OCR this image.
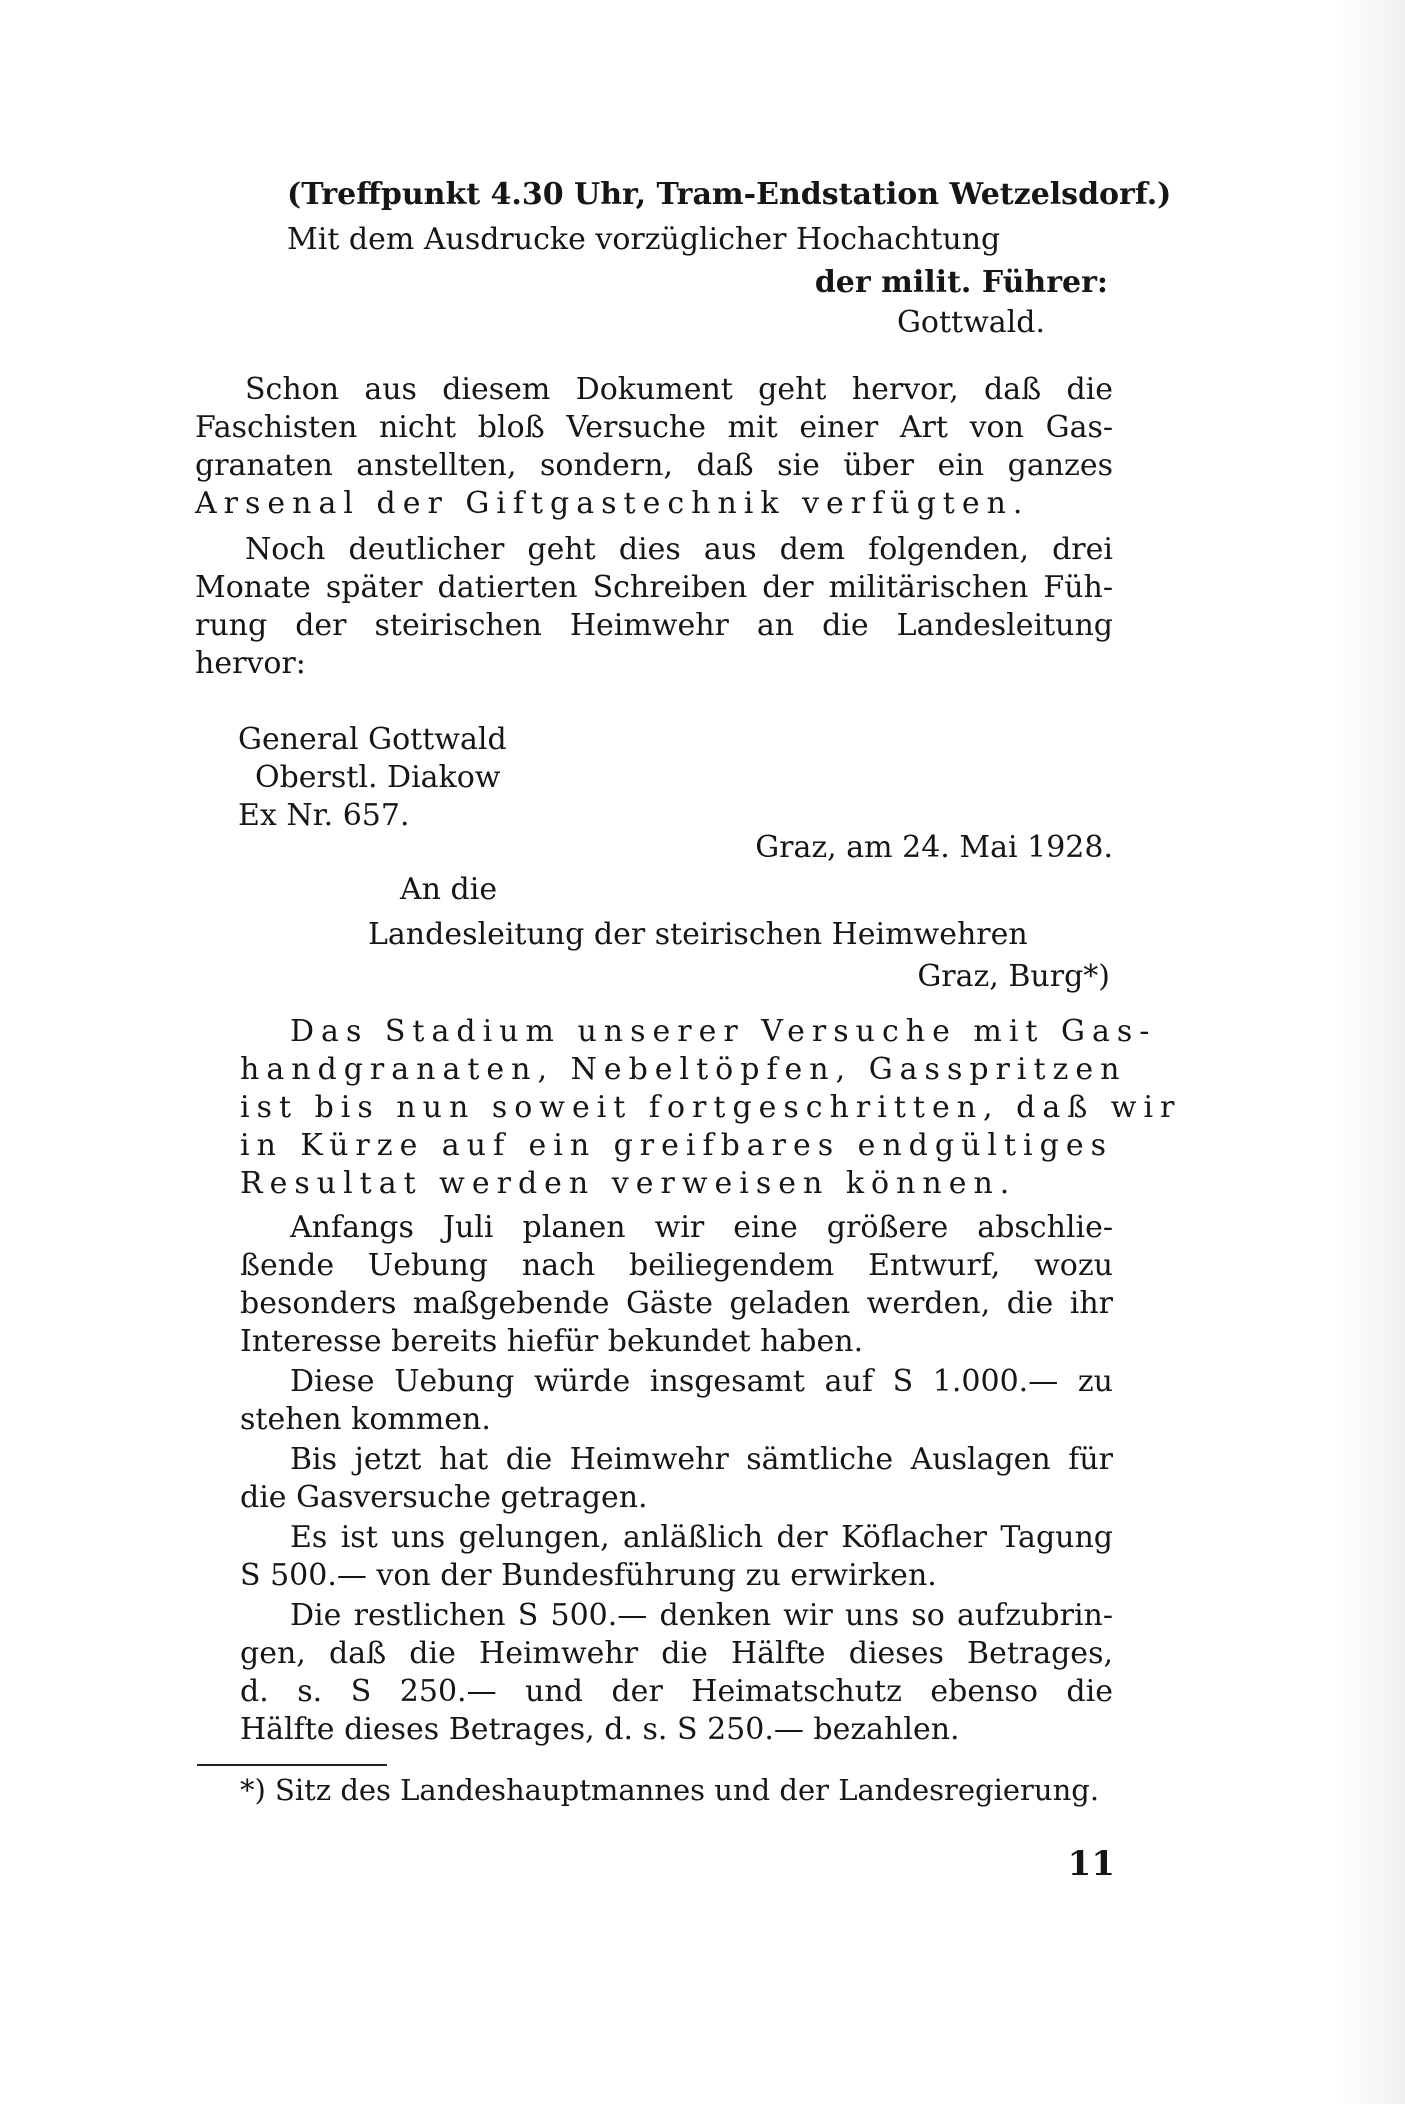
(Treffpunkt 4.30 Uhr, Tram-Endstation Wetzelsdorf.)
Mit dem Ausdrucke vorzüglicher Hochachtung
der milit. Führer:
Gottwald.
Schon aus diesem Dokument geht hervor, daß die
Faschisten nicht bloß Versuche mit einer Art von Gas-
granaten anstellten, sondern, daß sie über ein ganzes
Arsenal der Giftgastechnik verfügten.
Noch deutlicher geht dies aus dem folgenden, drei
Monate später datierten Schreiben der militärischen Füh-
rung der steirischen Heimwehr an die Landesleitung
hervor:
General Gottwald
Oberstl. Diakow
Ex Nr. 657.
Graz, am 24. Mai 1928.
An die
Landesleitung der steirischen Heimwehren
Graz, Burg*)
Das Stadium unserer Versuche mit Gas-
handgranaten, Nebeltöpfen, Gasspritzen
ist bis nun soweit fortgeschritten, daß wir
in Kürze auf ein greifbares endgültiges
Resultat werden verweisen können.
Anfangs Juli planen wir eine größere abschlie-
ßende Uebung nach beiliegendem Entwurf, wozu
besonders maßgebende Gäste geladen werden, die ihr
Interesse bereits hiefür bekundet haben.
Diese Uebung würde insgesamt auf S 1.000.— zu
stehen kommen.
Bis jetzt hat die Heimwehr sämtliche Auslagen für
die Gasversuche getragen.
Es ist uns gelungen, anläßlich der Köflacher Tagung
S 500.— von der Bundesführung zu erwirken.
Die restlichen S 500.— denken wir uns so aufzubrin-
gen, daß die Heimwehr die Hälfte dieses Betrages,
d. s. S 250.— und der Heimatschutz ebenso die
Hälfte dieses Betrages, d. s. S 250.— bezahlen.
*) Sitz des Landeshauptmannes und der Landesregierung.
11
